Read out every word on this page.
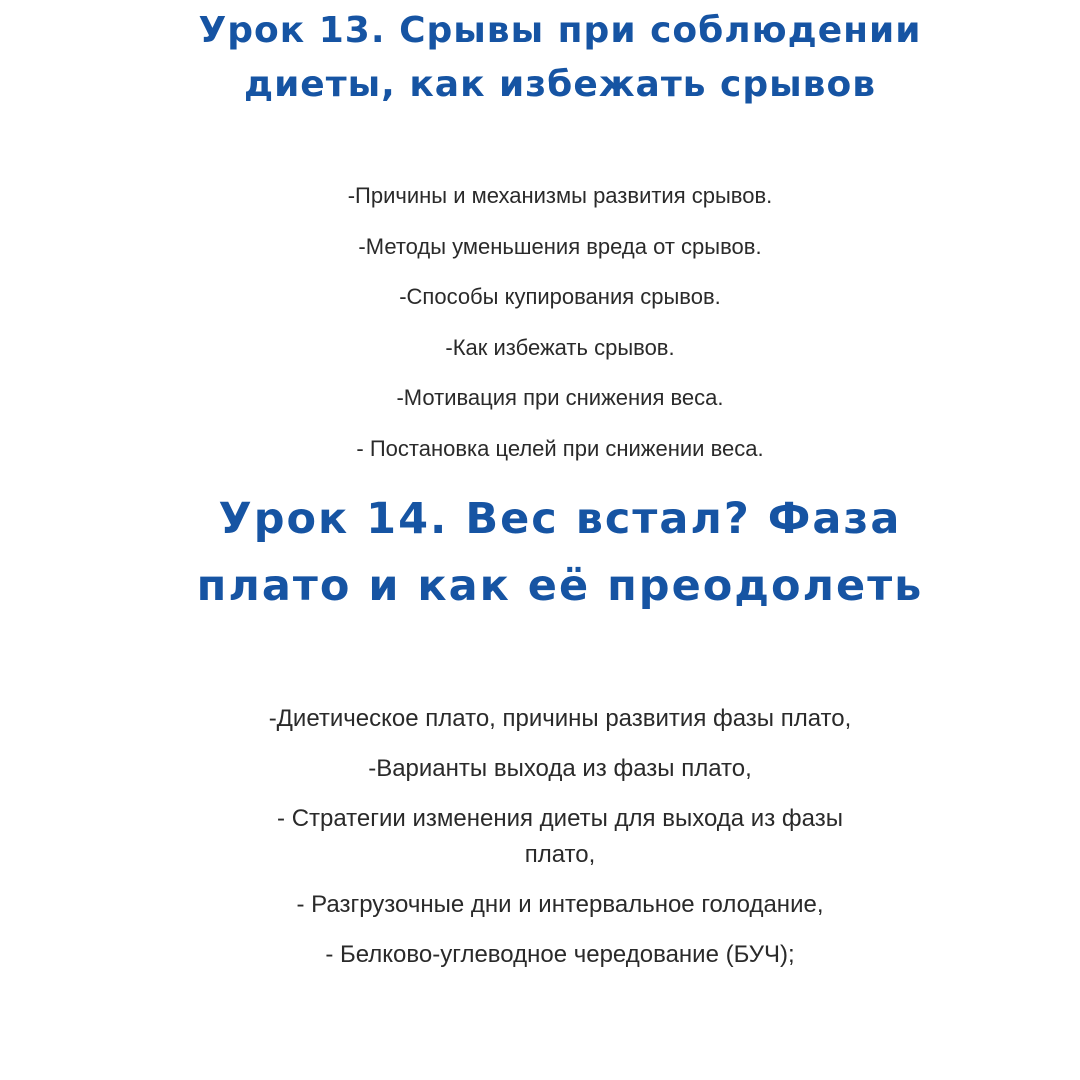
Урок 13. Срывы при соблюдении диеты, как избежать срывов
-Причины и механизмы развития срывов.
-Методы уменьшения вреда от срывов.
-Способы купирования срывов.
-Как избежать срывов.
-Мотивация при снижения веса.
- Постановка целей при снижении веса.
Урок 14. Вес встал? Фаза плато и как её преодолеть
-Диетическое плато, причины развития фазы плато,
-Варианты выхода из фазы плато,
- Стратегии изменения диеты для выхода из фазы плато,
- Разгрузочные дни и интервальное голодание,
- Белково-углеводное чередование (БУЧ);
